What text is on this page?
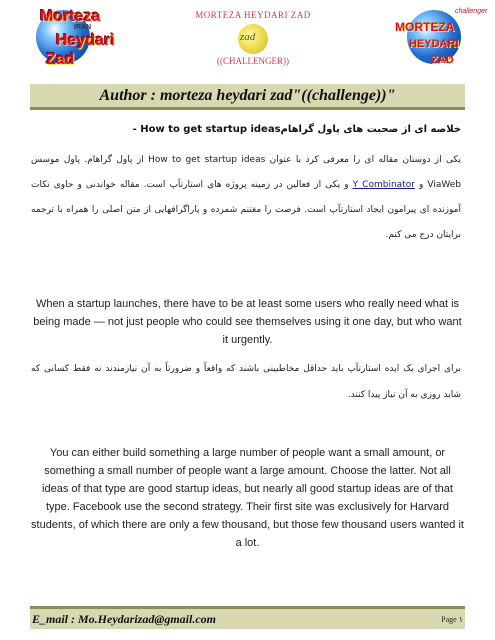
Morteza
IRAN
Heydari
Zad
MORTEZA HEYDARI ZAD
zad
((CHALLENGER))
challenger
MORTEZA
HEYDARI
ZAD
Author : morteza heydari zad"((challenge))"
خلاصه ای از صحبت های پاول گراهامHow to get startup ideas -
یکی از دوستان مقاله ای را معرفی کرد با عنوان How to get startup ideas از پاول گراهام. پاول موسس ViaWeb و Y Combinator و یکی از فعالین در زمینه پروژه های استارتآپ است. مقاله خواندنی و حاوی نکات آموزنده ای پیرامون ایجاد استارتآپ است. فرصت را مغتنم شمرده و پاراگرافهایی از متن اصلی را همراه با ترجمه برایتان درج می کنم.
When a startup launches, there have to be at least some users who really need what is being made — not just people who could see themselves using it one day, but who want it urgently.
برای اجرای یک ایده استارتآپ باید حداقل مخاطبینی باشند که واقعاً و ضرورتاً به آن نیازمندند نه فقط کسانی که شاید روزی به آن نیاز پیدا کنند.
You can either build something a large number of people want a small amount, or something a small number of people want a large amount. Choose the latter. Not all ideas of that type are good startup ideas, but nearly all good startup ideas are of that type. Facebook use the second strategy. Their first site was exclusively for Harvard students, of which there are only a few thousand, but those few thousand users wanted it a lot.
E_mail : Mo.Heydarizad@gmail.com	Page ۱
